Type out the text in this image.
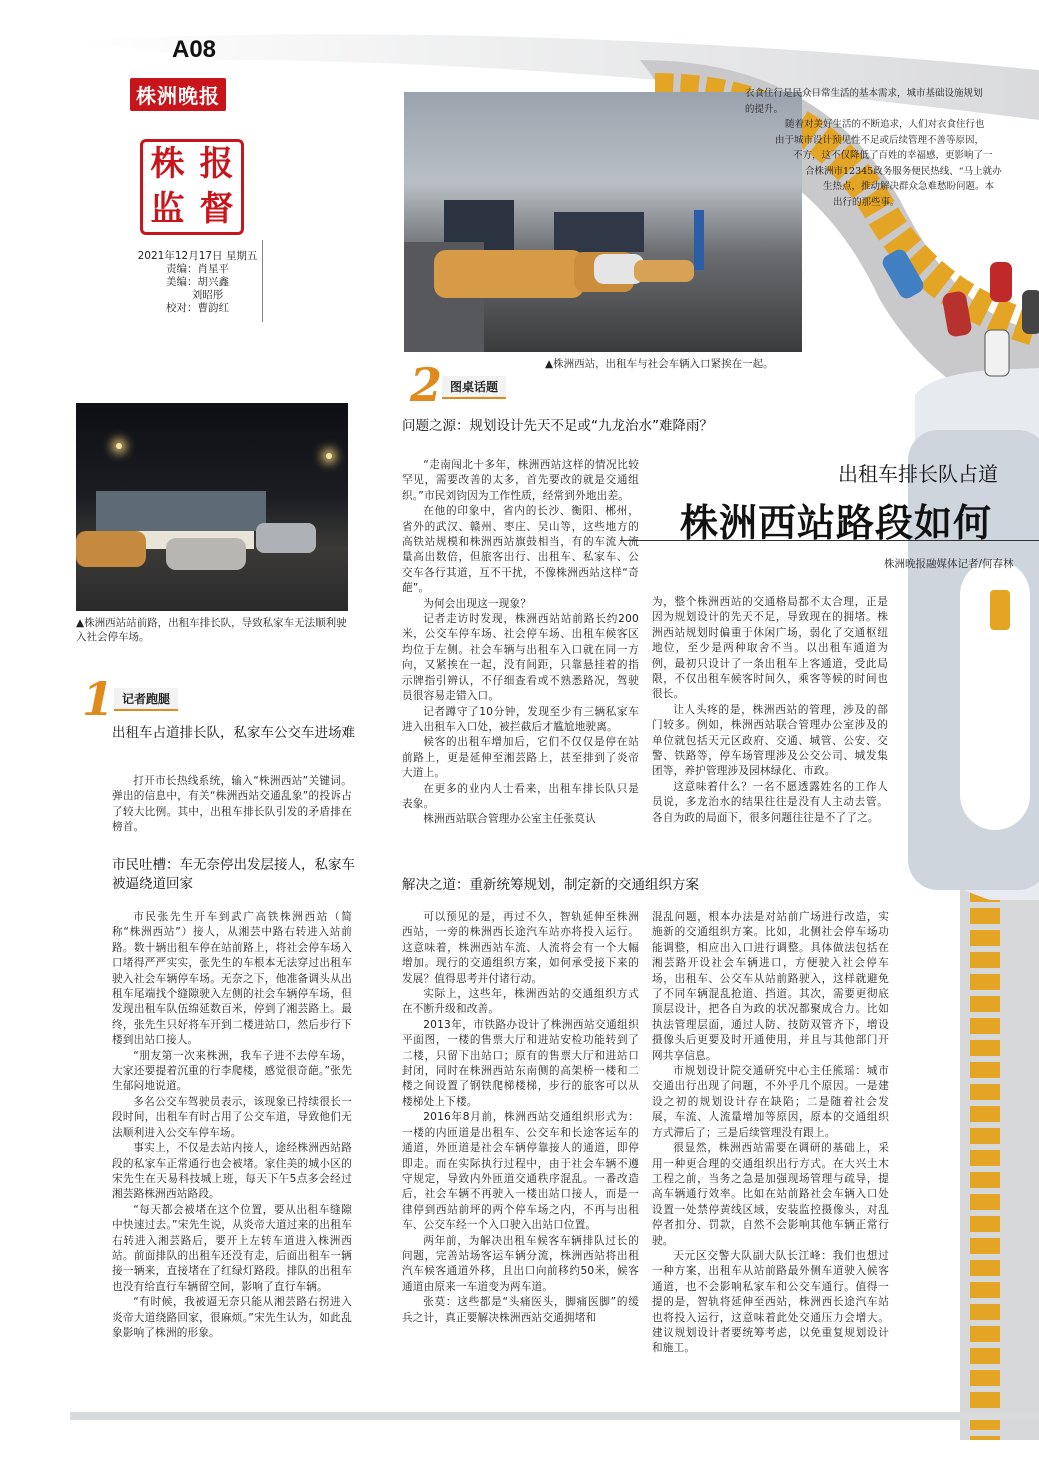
A08
株洲晚报
株 报
监 督
2021年12月17日 星期五
责编：肖星平
美编：胡兴鑫
刘昭彤
校对：曹韵红
▲株洲西站，出租车与社会车辆入口紧挨在一起。
衣食住行是民众日常生活的基本需求，城市基础设施规划
的提升。
随着对美好生活的不断追求，人们对衣食住行也
由于城市设计预见性不足或后续管理不善等原因，
不方，这不仅降低了百姓的幸福感，更影响了一
合株洲市12345政务服务便民热线、“马上就办
生热点，推动解决群众急难愁盼问题。本
出行的那些事。
▲株洲西站站前路，出租车排长队，导致私家车无法顺利驶入社会停车场。
2 图桌话题
问题之源：规划设计先天不足或“九龙治水”难降雨？
出租车排长队占道
株洲西站路段如何
株洲晚报融媒体记者/何春林

“走南闯北十多年，株洲西站这样的情况比较罕见，需要改善的太多，首先要改的就是交通组织。”市民刘钧因为工作性质，经常到外地出差。

在他的印象中，省内的长沙、衡阳、郴州，省外的武汉、赣州、枣庄、吴山等，这些地方的高铁站规模和株洲西站旗鼓相当，有的车流人流量高出数倍，但旅客出行、出租车、私家车、公交车各行其道，互不干扰，不像株洲西站这样“奇葩”。

为何会出现这一现象？

记者走访时发现，株洲西站站前路长约200米，公交车停车场、社会停车场、出租车候客区均位于左侧。社会车辆与出租车入口就在同一方向，又紧挨在一起，没有间距，只靠悬挂着的指示牌指引辨认，不仔细查看或不熟悉路况，驾驶员很容易走错入口。

记者蹲守了10分钟，发现至少有三辆私家车进入出租车入口处，被拦截后才尴尬地驶离。

候客的出租车增加后，它们不仅仅是停在站前路上，更是延伸至湘芸路上，甚至排到了炎帝大道上。

在更多的业内人士看来，出租车排长队只是表象。

株洲西站联合管理办公室主任张莫认

为，整个株洲西站的交通格局都不太合理，正是因为规划设计的先天不足，导致现在的拥堵。株洲西站规划时偏重于休闲广场，弱化了交通枢纽地位，至少是两种取舍不当。以出租车通道为例，最初只设计了一条出租车上客通道，受此局限，不仅出租车候客时间久，乘客等候的时间也很长。

让人头疼的是，株洲西站的管理，涉及的部门较多。例如，株洲西站联合管理办公室涉及的单位就包括天元区政府、交通、城管、公安、交警、铁路等，停车场管理涉及公交公司、城发集团等，养护管理涉及园林绿化、市政。

这意味着什么？一名不愿透露姓名的工作人员说，多龙治水的结果往往是没有人主动去管。各自为政的局面下，很多问题往往是不了了之。

1 记者跑腿
出租车占道排长队，私家车公交车进场难

打开市长热线系统，输入“株洲西站”关键词。弹出的信息中，有关“株洲西站交通乱象”的投诉占了较大比例。其中，出租车排长队引发的矛盾排在榜首。

市民吐槽：车无奈停出发层接人，私家车被逼绕道回家

市民张先生开车到武广高铁株洲西站（简称“株洲西站”）接人，从湘芸中路右转进入站前路。数十辆出租车停在站前路上，将社会停车场入口堵得严严实实，张先生的车根本无法穿过出租车驶入社会车辆停车场。无奈之下，他准备调头从出租车尾端找个缝隙驶入左侧的社会车辆停车场，但发现出租车队伍绵延数百米，停到了湘芸路上。最终，张先生只好将车开到二楼进站口，然后步行下楼到出站口接人。

“朋友第一次来株洲，我车子进不去停车场，大家还要提着沉重的行李爬楼，感觉很奇葩。”张先生郁闷地说道。

多名公交车驾驶员表示，该现象已持续很长一段时间，出租车有时占用了公交车道，导致他们无法顺利进入公交车停车场。

事实上，不仅是去站内接人，途经株洲西站路段的私家车正常通行也会被堵。家住美的城小区的宋先生在天易科技城上班，每天下午5点多会经过湘芸路株洲西站路段。

“每天都会被堵在这个位置，要从出租车缝隙中快速过去。”宋先生说，从炎帝大道过来的出租车右转进入湘芸路后，要开上左转车道进入株洲西站。前面排队的出租车还没有走，后面出租车一辆接一辆来，直接堵在了红绿灯路段。排队的出租车也没有给直行车辆留空间，影响了直行车辆。

“有时候，我被逼无奈只能从湘芸路右拐进入炎帝大道绕路回家，很麻烦。”宋先生认为，如此乱象影响了株洲的形象。

解决之道：重新统筹规划，制定新的交通组织方案

可以预见的是，再过不久，智轨延伸至株洲西站，一旁的株洲西长途汽车站亦将投入运行。这意味着，株洲西站车流、人流将会有一个大幅增加。现行的交通组织方案，如何承受接下来的发展？值得思考并付诸行动。

实际上，这些年，株洲西站的交通组织方式在不断升级和改善。

2013年，市铁路办设计了株洲西站交通组织平面图，一楼的售票大厅和进站安检功能转到了二楼，只留下出站口；原有的售票大厅和进站口封闭，同时在株洲西站东南侧的高架桥一楼和二楼之间设置了钢铁爬梯楼梯，步行的旅客可以从楼梯处上下楼。

2016年8月前，株洲西站交通组织形式为：一楼的内匝道是出租车、公交车和长途客运车的通道，外匝道是社会车辆停靠接人的通道，即停即走。而在实际执行过程中，由于社会车辆不遵守规定，导致内外匝道交通秩序混乱。一番改造后，社会车辆不再驶入一楼出站口接人，而是一律停到西站前坪的两个停车场之内，不再与出租车、公交车经一个入口驶入出站口位置。

两年前，为解决出租车候客车辆排队过长的问题，完善站场客运车辆分流，株洲西站将出租汽车候客通道外移，且出口向前移约50米，候客通道由原来一车道变为两车道。

张莫：这些都是“头痛医头，脚痛医脚”的缓兵之计，真正要解决株洲西站交通拥堵和

混乱问题，根本办法是对站前广场进行改造，实施新的交通组织方案。比如，北侧社会停车场功能调整，相应出入口进行调整。具体做法包括在湘芸路开设社会车辆进口，方便驶入社会停车场，出租车、公交车从站前路驶入，这样就避免了不同车辆混乱抢道、挡道。其次，需要更彻底顶层设计，把各自为政的状况都聚成合力。比如执法管理层面，通过人防、技防双管齐下，增设摄像头后更要及时开通使用，并且与其他部门开网共享信息。

市规划设计院交通研究中心主任熊瑶：城市交通出行出现了问题，不外乎几个原因。一是建设之初的规划设计存在缺陷；二是随着社会发展，车流、人流量增加等原因，原本的交通组织方式滞后了；三是后续管理没有跟上。

很显然，株洲西站需要在调研的基础上，采用一种更合理的交通组织出行方式。在大兴土木工程之前，当务之急是加强现场管理与疏导，提高车辆通行效率。比如在站前路社会车辆入口处设置一处禁停黄线区域，安装监控摄像头，对乱停者扣分、罚款，自然不会影响其他车辆正常行驶。

天元区交警大队副大队长江峰：我们也想过一种方案，出租车从站前路最外侧车道驶入候客通道，也不会影响私家车和公交车通行。值得一提的是，智轨将延伸至西站，株洲西长途汽车站也将投入运行，这意味着此处交通压力会增大。建议规划设计者要统筹考虑，以免重复规划设计和施工。
